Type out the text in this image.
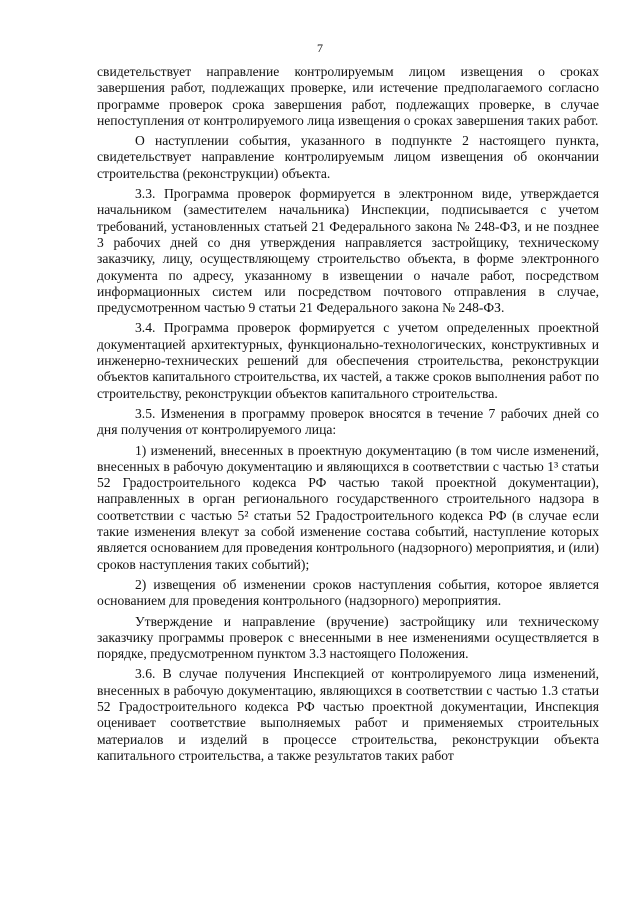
7

свидетельствует направление контролируемым лицом извещения о сроках завершения работ, подлежащих проверке, или истечение предполагаемого согласно программе проверок срока завершения работ, подлежащих проверке, в случае непоступления от контролируемого лица извещения о сроках завершения таких работ.

О наступлении события, указанного в подпункте 2 настоящего пункта, свидетельствует направление контролируемым лицом извещения об окончании строительства (реконструкции) объекта.

3.3. Программа проверок формируется в электронном виде, утверждается начальником (заместителем начальника) Инспекции, подписывается с учетом требований, установленных статьей 21 Федерального закона № 248-ФЗ, и не позднее 3 рабочих дней со дня утверждения направляется застройщику, техническому заказчику, лицу, осуществляющему строительство объекта, в форме электронного документа по адресу, указанному в извещении о начале работ, посредством информационных систем или посредством почтового отправления в случае, предусмотренном частью 9 статьи 21 Федерального закона № 248-ФЗ.

3.4. Программа проверок формируется с учетом определенных проектной документацией архитектурных, функционально-технологических, конструктивных и инженерно-технических решений для обеспечения строительства, реконструкции объектов капитального строительства, их частей, а также сроков выполнения работ по строительству, реконструкции объектов капитального строительства.

3.5. Изменения в программу проверок вносятся в течение 7 рабочих дней со дня получения от контролируемого лица:

1) изменений, внесенных в проектную документацию (в том числе изменений, внесенных в рабочую документацию и являющихся в соответствии с частью 1³ статьи 52 Градостроительного кодекса РФ частью такой проектной документации), направленных в орган регионального государственного строительного надзора в соответствии с частью 5² статьи 52 Градостроительного кодекса РФ (в случае если такие изменения влекут за собой изменение состава событий, наступление которых является основанием для проведения контрольного (надзорного) мероприятия, и (или) сроков наступления таких событий);

2) извещения об изменении сроков наступления события, которое является основанием для проведения контрольного (надзорного) мероприятия.

Утверждение и направление (вручение) застройщику или техническому заказчику программы проверок с внесенными в нее изменениями осуществляется в порядке, предусмотренном пунктом 3.3 настоящего Положения.

3.6. В случае получения Инспекцией от контролируемого лица изменений, внесенных в рабочую документацию, являющихся в соответствии с частью 1.3 статьи 52 Градостроительного кодекса РФ частью проектной документации, Инспекция оценивает соответствие выполняемых работ и применяемых строительных материалов и изделий в процессе строительства, реконструкции объекта капитального строительства, а также результатов таких работ
